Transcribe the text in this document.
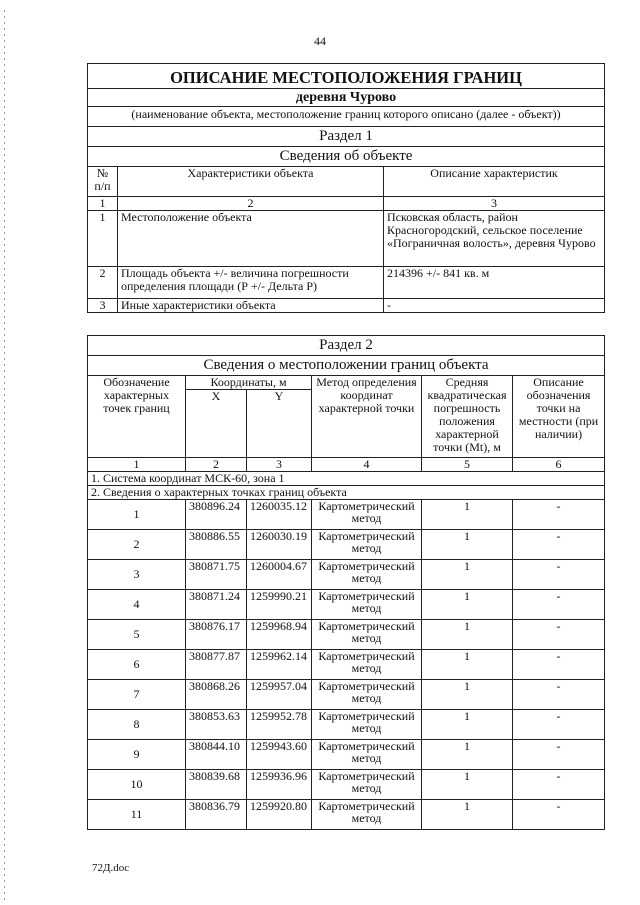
44
ОПИСАНИЕ МЕСТОПОЛОЖЕНИЯ ГРАНИЦ		
деревня Чурово		
(наименование объекта, местоположение границ которого описано (далее - объект))		
Раздел 1		
Сведения об объекте		
№ п/п	Характеристики объекта	Описание характеристик
1	2	3
1	Местоположение объекта	Псковская область, район Красногородский, сельское поселение «Пограничная волость», деревня Чурово
2	Площадь объекта +/- величина погрешности определения площади (Р +/- Дельта Р)	214396 +/- 841 кв. м
3	Иные характеристики объекта	-
Раздел 2					
Сведения о местоположении границ объекта					
Обозначение характерных точек границ	Координаты, м		Метод определения координат характерной точки	Средняя квадратическая погрешность положения характерной точки (Mt), м	Описание обозначения точки на местности (при наличии)
	X	Y			
1	2	3	4	5	6
1. Система координат МСК-60, зона 1					
2. Сведения о характерных точках границ объекта					
1	380896.24	1260035.12	Картометрический метод	1	-
2	380886.55	1260030.19	Картометрический метод	1	-
3	380871.75	1260004.67	Картометрический метод	1	-
4	380871.24	1259990.21	Картометрический метод	1	-
5	380876.17	1259968.94	Картометрический метод	1	-
6	380877.87	1259962.14	Картометрический метод	1	-
7	380868.26	1259957.04	Картометрический метод	1	-
8	380853.63	1259952.78	Картометрический метод	1	-
9	380844.10	1259943.60	Картометрический метод	1	-
10	380839.68	1259936.96	Картометрический метод	1	-
11	380836.79	1259920.80	Картометрический метод	1	-
72Д.doc
